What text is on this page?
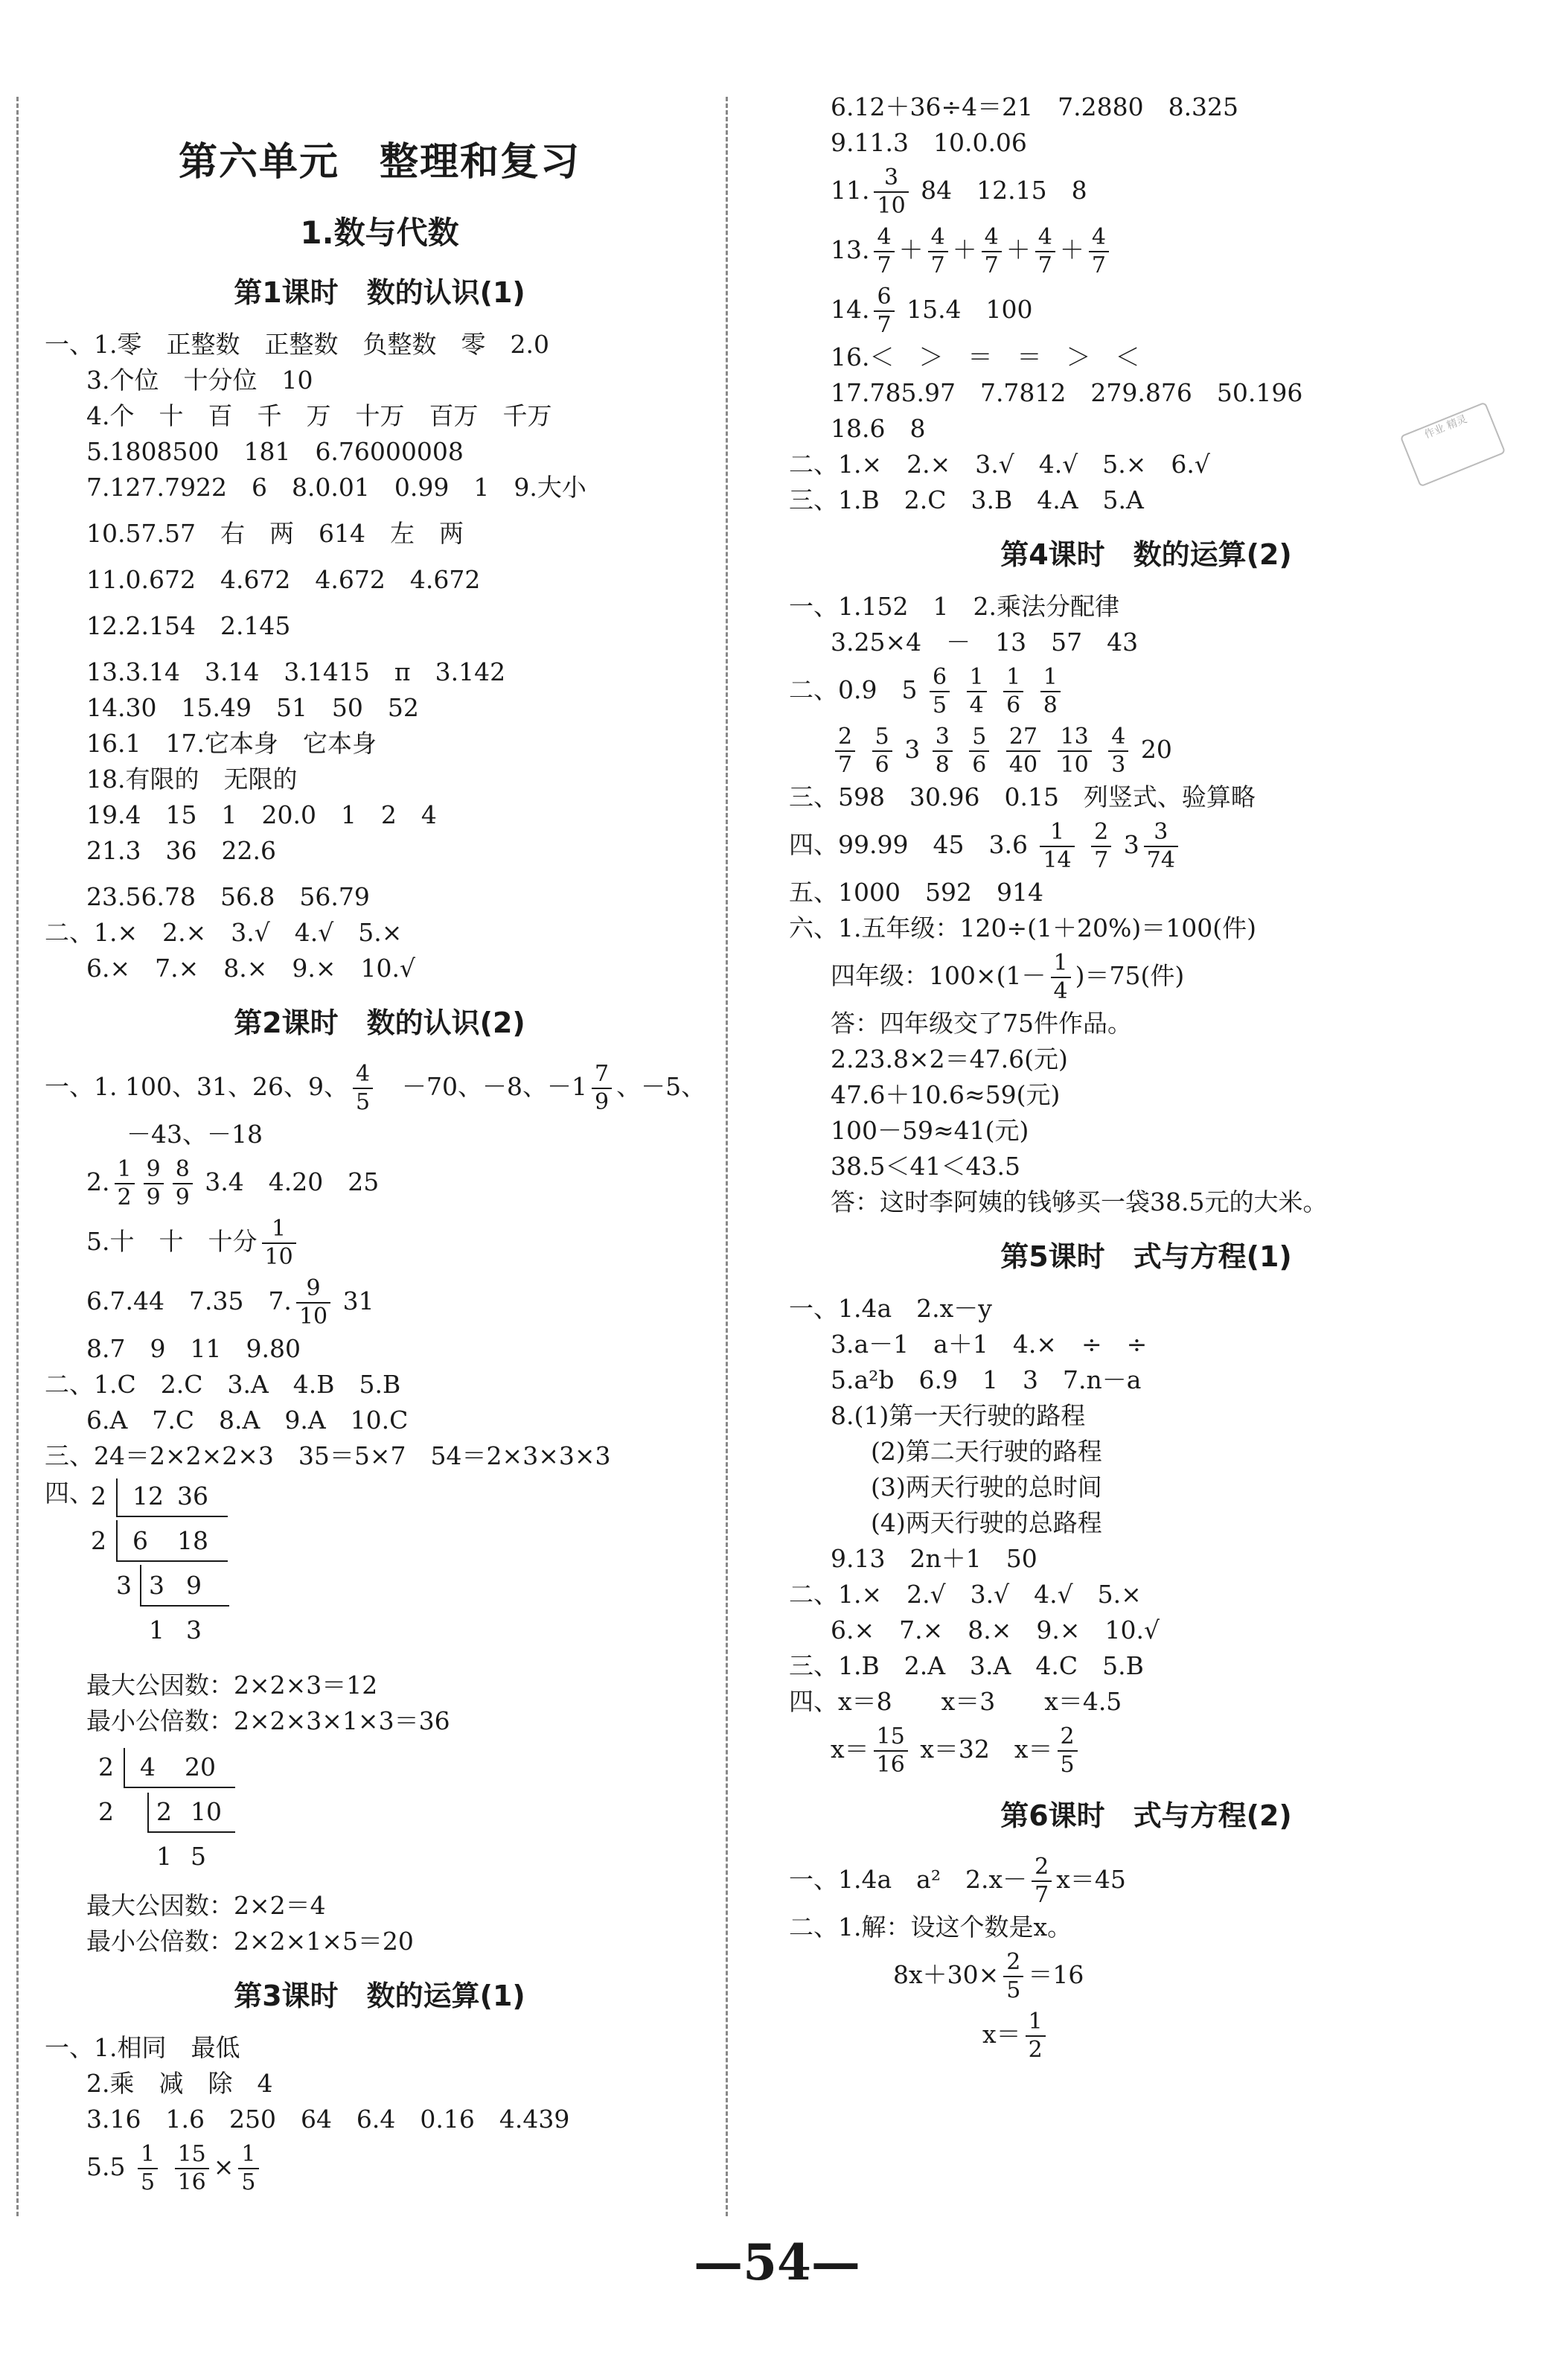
作业 精灵
第六单元　整理和复习
1.数与代数
第1课时　数的认识(1)
一、1.零　正整数　正整数　负整数　零　2.0
3.个位　十分位　10
4.个　十　百　千　万　十万　百万　千万
5.1808500　181　6.76000008
7.127.7922　6　8.0.01　0.99　1　9.大小
10.57.57　右　两　614　左　两
11.0.672　4.672　4.672　4.672
12.2.154　2.145
13.3.14　3.14　3.1415　π　3.142
14.30　15.49　51　50　52
16.1　17.它本身　它本身
18.有限的　无限的
19.4　15　1　20.0　1　2　4
21.3　36　22.6
23.56.78　56.8　56.79
二、1.×　2.×　3.√　4.√　5.×
6.×　7.×　8.×　9.×　10.√
第2课时　数的认识(2)
一、1. 100、31、26、9、 $\frac{4}{5}$ 　－70、－8、$-1 \frac{7}{9}$ 、－5、
－43、－18
2. $\frac{1}{2} \frac{9}{9} \frac{8}{9} 3.4$　4.20　25
5.十　十　十分 $\frac{1}{10}$
6.7.44　7.35　7. $\frac{9}{10} 31$
8.7　9　11　9.80
二、1.C　2.C　3.A　4.B　5.B
6.A　7.C　8.A　9.A　10.C
三、24＝2×2×2×3　35＝5×7　54＝2×3×3×3
四、
2 12 36
2 6 18
3 3 9
1 3
最大公因数：2×2×3＝12
最小公倍数：2×2×3×1×3＝36
2 4 20
2 2 10
1 5
最大公因数：2×2＝4
最小公倍数：2×2×1×5＝20
第3课时　数的运算(1)
一、1.相同　最低
2.乘　减　除　4
3.16　1.6　250　64　6.4　0.16　4.439
$5.5 \frac{1}{5}$
$\frac{15}{16} \times \frac{1}{5}$
6.12＋36÷4＝21　7.2880　8.325
9.11.3　10.0.06
11. $\frac{3}{10} 84$　12.15　8
13. $\frac{4}{7} + \frac{4}{7} + \frac{4}{7} + \frac{4}{7} + \frac{4}{7}$
14. $\frac{6}{7} 15.4$　100
16.＜　＞　＝　＝　＞　＜
17.785.97　7.7812　279.876　50.196
18.6　8
二、1.×　2.×　3.√　4.√　5.×　6.√
三、1.B　2.C　3.B　4.A　5.A
第4课时　数的运算(2)
一、1.152　1　2.乘法分配律
3.25×4　－　13　57　43
二、0.9　$5 \frac{6}{5}$
$\frac{1}{4}$
$\frac{1}{6}$
$\frac{1}{8}$
$\frac{2}{7}$
$\frac{5}{6} 3 \frac{3}{8}$
$\frac{5}{6}$
$\frac{27}{40}$
$\frac{13}{10}$
$\frac{4}{3} 20$
三、598　30.96　0.15　列竖式、验算略
四、99.99　45　$3.6 \frac{1}{14}$
$\frac{2}{7} 3 \frac{3}{74}$
五、1000　592　914
六、1.五年级：120÷(1＋20%)＝100(件)
四年级：$100\times(1- \frac{1}{4} )=75$(件)
答：四年级交了75件作品。
2.23.8×2＝47.6(元)
47.6＋10.6≈59(元)
100－59≈41(元)
38.5＜41＜43.5
答：这时李阿姨的钱够买一袋38.5元的大米。
第5课时　式与方程(1)
一、1.4a　2.x－y
3.a－1　a＋1　4.×　÷　÷
5.a²b　6.9　1　3　7.n－a
8.(1)第一天行驶的路程
(2)第二天行驶的路程
(3)两天行驶的总时间
(4)两天行驶的总路程
9.13　2n＋1　50
二、1.×　2.√　3.√　4.√　5.×
6.×　7.×　8.×　9.×　10.√
三、1.B　2.A　3.A　4.C　5.B
四、x＝8　　x＝3　　x＝4.5
$x= \frac{15}{16} x=32$　$x= \frac{2}{5}$
第6课时　式与方程(2)
一、1.4a　a²　$2.x- \frac{2}{7} x=45$
二、1.解：设这个数是x。
$8x+30\times \frac{2}{5} =16$
$x= \frac{1}{2}$
—54—
